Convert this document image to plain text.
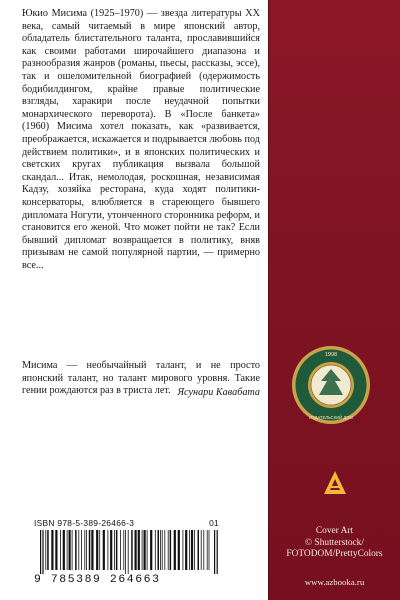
Юкио Мисима (1925–1970) — звезда литературы XX века, самый читаемый в мире японский автор, обладатель блистательного таланта, прославившийся как своими работами широчайшего диапазона и разнообразия жанров (романы, пьесы, рассказы, эссе), так и ошеломительной биографией (одержимость бодибилдингом, крайне правые политические взгляды, харакири после неудачной попытки монархического переворота). В «После банкета» (1960) Мисима хотел показать, как «развивается, преображается, искажается и подрывается любовь под действием политики», и в японских политических и светских кругах публикация вызвала большой скандал... Итак, немолодая, роскошная, независимая Кадзу, хозяйка ресторана, куда ходят политики-консерваторы, влюбляется в стареющего бывшего дипломата Ногути, утонченного сторонника реформ, и становится его женой. Что может пойти не так? Если бывший дипломат возвращается в политику, вняв призывам не самой популярной партии, — примерно все...

Мисима — необычайный талант, и не просто японский талант, но талант мирового уровня. Такие гении рождаются раз в триста лет. Ясунари Кавабата
ISBN 978-5-389-26466-3	01
9 785389 264663
1998
ИЗДАТЕЛЬСКИЙ ДОМ
Cover Art
© Shutterstock/
FOTODOM/PrettyColors
www.azbooka.ru
